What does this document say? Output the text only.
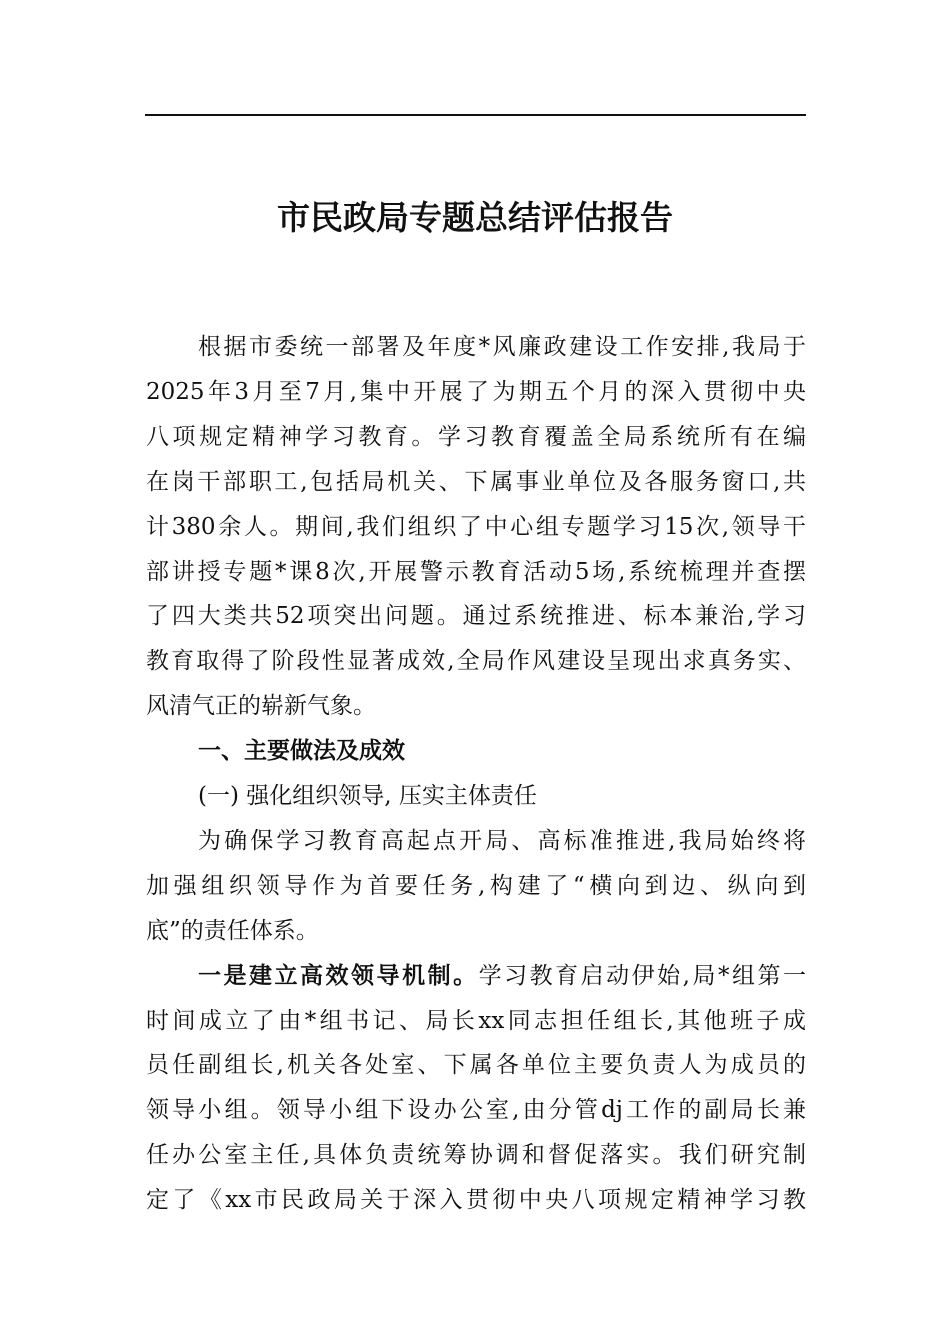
市民政局专题总结评估报告
根据市委统一部署及年度*风廉政建设工作安排,我局于
2025年3月至7月,集中开展了为期五个月的深入贯彻中央
八项规定精神学习教育。学习教育覆盖全局系统所有在编
在岗干部职工,包括局机关、下属事业单位及各服务窗口,共
计380余人。期间,我们组织了中心组专题学习15次,领导干
部讲授专题*课8次,开展警示教育活动5场,系统梳理并查摆
了四大类共52项突出问题。通过系统推进、标本兼治,学习
教育取得了阶段性显著成效,全局作风建设呈现出求真务实、
风清气正的崭新气象。
一、主要做法及成效
(一) 强化组织领导, 压实主体责任
为确保学习教育高起点开局、高标准推进,我局始终将
加强组织领导作为首要任务,构建了“横向到边、纵向到
底”的责任体系。
一是建立高效领导机制。学习教育启动伊始,局*组第一
时间成立了由*组书记、局长xx同志担任组长,其他班子成
员任副组长,机关各处室、下属各单位主要负责人为成员的
领导小组。领导小组下设办公室,由分管dj工作的副局长兼
任办公室主任,具体负责统筹协调和督促落实。我们研究制
定了《xx市民政局关于深入贯彻中央八项规定精神学习教
